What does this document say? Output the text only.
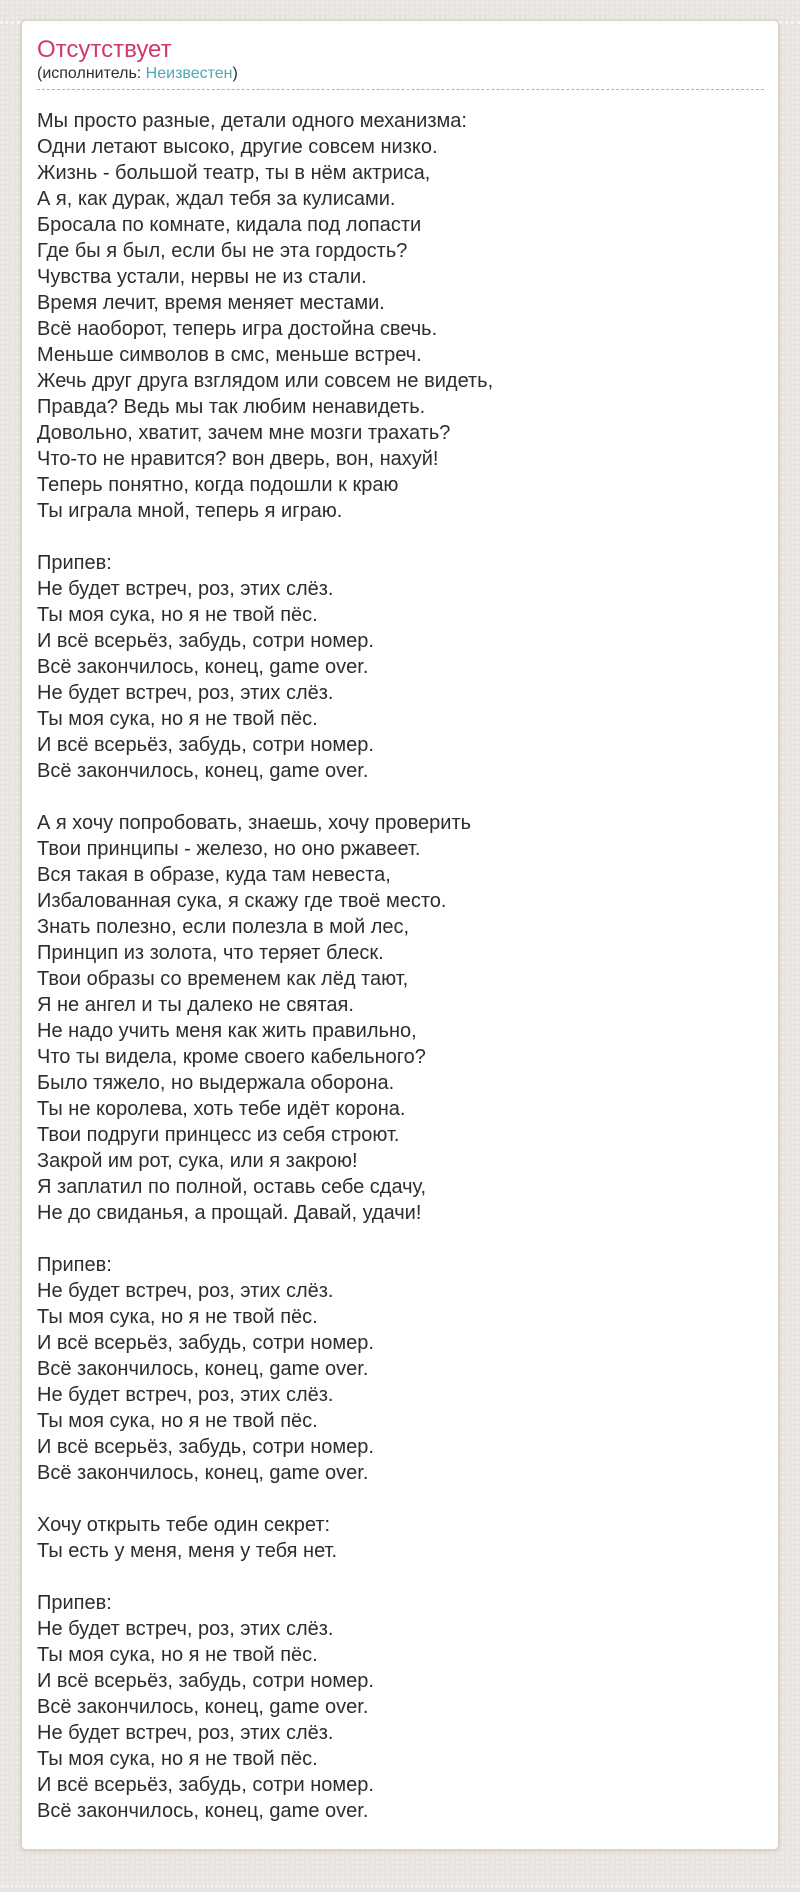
Отсутствует
(исполнитель: Неизвестен)
Мы просто разные, детали одного механизма:
Одни летают высоко, другие совсем низко.
Жизнь - большой театр, ты в нём актриса,
А я, как дурак, ждал тебя за кулисами.
Бросала по комнате, кидала под лопасти
Где бы я был, если бы не эта гордость?
Чувства устали, нервы не из стали.
Время лечит, время меняет местами.
Всё наоборот, теперь игра достойна свечь.
Меньше символов в смс, меньше встреч.
Жечь друг друга взглядом или совсем не видеть,
Правда? Ведь мы так любим ненавидеть.
Довольно, хватит, зачем мне мозги трахать?
Что-то не нравится? вон дверь, вон, нахуй!
Теперь понятно, когда подошли к краю
Ты играла мной, теперь я играю.
Припев:
Не будет встреч, роз, этих слёз.
Ты моя сука, но я не твой пёс.
И всё всерьёз, забудь, сотри номер.
Всё закончилось, конец, game over.
Не будет встреч, роз, этих слёз.
Ты моя сука, но я не твой пёс.
И всё всерьёз, забудь, сотри номер.
Всё закончилось, конец, game over.
А я хочу попробовать, знаешь, хочу проверить
Твои принципы - железо, но оно ржавеет.
Вся такая в образе, куда там невеста,
Избалованная сука, я скажу где твоё место.
Знать полезно, если полезла в мой лес,
Принцип из золота, что теряет блеск.
Твои образы со временем как лёд тают,
Я не ангел и ты далеко не святая.
Не надо учить меня как жить правильно,
Что ты видела, кроме своего кабельного?
Было тяжело, но выдержала оборона.
Ты не королева, хоть тебе идёт корона.
Твои подруги принцесс из себя строют.
Закрой им рот, сука, или я закрою!
Я заплатил по полной, оставь себе сдачу,
Не до свиданья, а прощай. Давай, удачи!
Припев:
Не будет встреч, роз, этих слёз.
Ты моя сука, но я не твой пёс.
И всё всерьёз, забудь, сотри номер.
Всё закончилось, конец, game over.
Не будет встреч, роз, этих слёз.
Ты моя сука, но я не твой пёс.
И всё всерьёз, забудь, сотри номер.
Всё закончилось, конец, game over.
Хочу открыть тебе один секрет:
Ты есть у меня, меня у тебя нет.
Припев:
Не будет встреч, роз, этих слёз.
Ты моя сука, но я не твой пёс.
И всё всерьёз, забудь, сотри номер.
Всё закончилось, конец, game over.
Не будет встреч, роз, этих слёз.
Ты моя сука, но я не твой пёс.
И всё всерьёз, забудь, сотри номер.
Всё закончилось, конец, game over.
